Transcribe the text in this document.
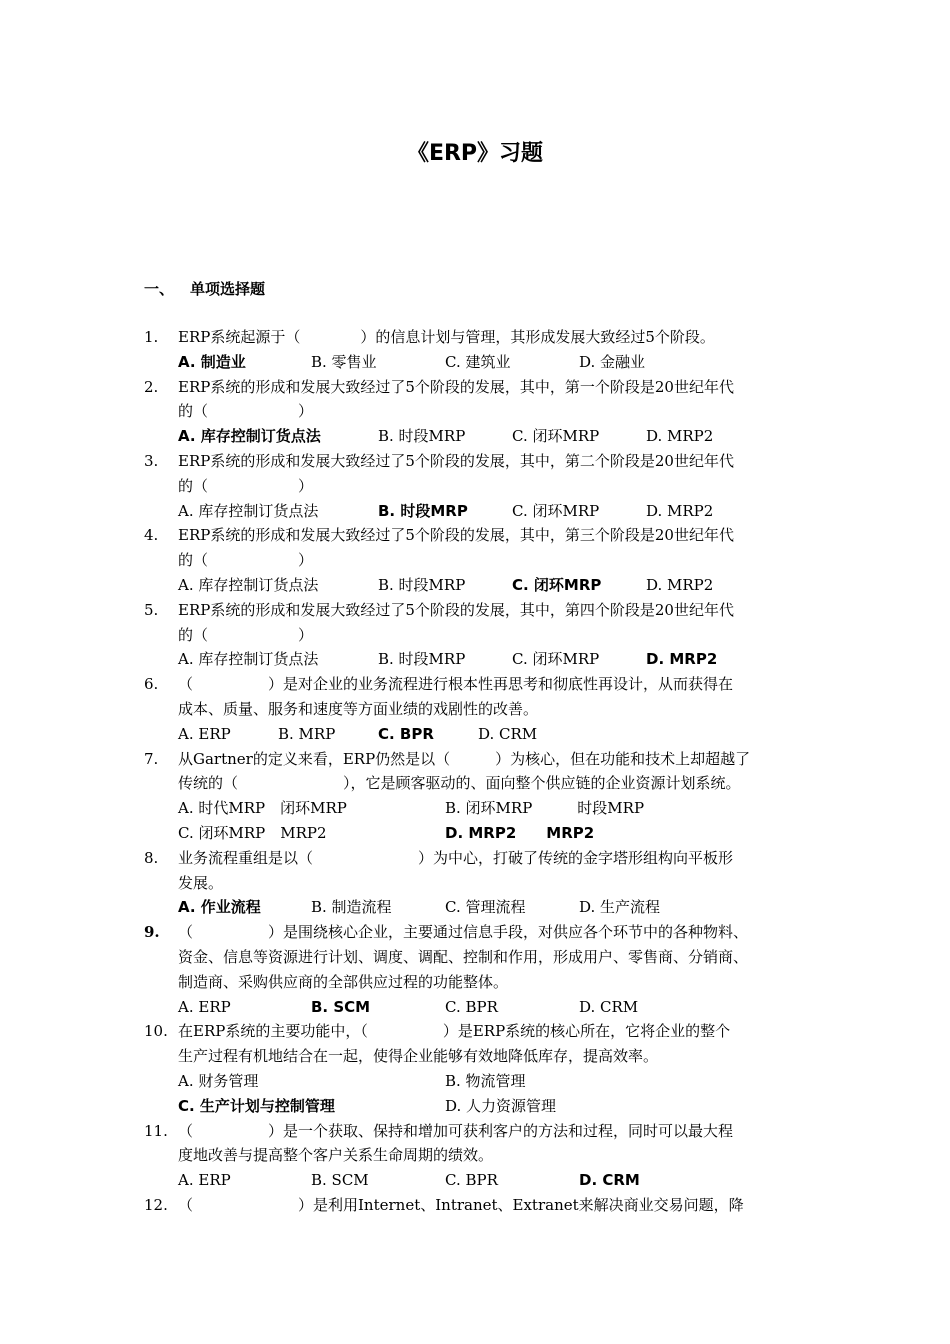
《ERP》习题
一、 单项选择题
1. ERP系统起源于（　　　　）的信息计划与管理，其形成发展大致经过5个阶段。
A. 制造业	B. 零售业	C. 建筑业	D. 金融业
2. ERP系统的形成和发展大致经过了5个阶段的发展，其中，第一个阶段是20世纪年代
的（　　　　　　）
A. 库存控制订货点法	B. 时段MRP	C. 闭环MRP	D. MRP2
3. ERP系统的形成和发展大致经过了5个阶段的发展，其中，第二个阶段是20世纪年代
的（　　　　　　）
A. 库存控制订货点法	B. 时段MRP	C. 闭环MRP	D. MRP2
4. ERP系统的形成和发展大致经过了5个阶段的发展，其中，第三个阶段是20世纪年代
的（　　　　　　）
A. 库存控制订货点法	B. 时段MRP	C. 闭环MRP	D. MRP2
5. ERP系统的形成和发展大致经过了5个阶段的发展，其中，第四个阶段是20世纪年代
的（　　　　　　）
A. 库存控制订货点法	B. 时段MRP	C. 闭环MRP	D. MRP2
6. （　　　　　）是对企业的业务流程进行根本性再思考和彻底性再设计，从而获得在
成本、质量、服务和速度等方面业绩的戏剧性的改善。
A. ERP	B. MRP	C. BPR	D. CRM
7. 从Gartner的定义来看，ERP仍然是以（　　　）为核心，但在功能和技术上却超越了
传统的（　　　　　　　），它是顾客驱动的、面向整个供应链的企业资源计划系统。
A. 时代MRP　闭环MRP	B. 闭环MRP　　　时段MRP
C. 闭环MRP　MRP2	D. MRP2　　MRP2
8. 业务流程重组是以（　　　　　　　）为中心，打破了传统的金字塔形组构向平板形
发展。
A. 作业流程	B. 制造流程	C. 管理流程	D. 生产流程
9. （　　　　　）是围绕核心企业，主要通过信息手段，对供应各个环节中的各种物料、
资金、信息等资源进行计划、调度、调配、控制和作用，形成用户、零售商、分销商、
制造商、采购供应商的全部供应过程的功能整体。
A. ERP	B. SCM	C. BPR	D. CRM
10. 在ERP系统的主要功能中，（　　　　　）是ERP系统的核心所在，它将企业的整个
生产过程有机地结合在一起，使得企业能够有效地降低库存，提高效率。
A. 财务管理	B. 物流管理
C. 生产计划与控制管理	D. 人力资源管理
11. （　　　　　）是一个获取、保持和增加可获利客户的方法和过程，同时可以最大程
度地改善与提高整个客户关系生命周期的绩效。
A. ERP	B. SCM	C. BPR	D. CRM
12. （　　　　　　　）是利用Internet、Intranet、Extranet来解决商业交易问题，降
